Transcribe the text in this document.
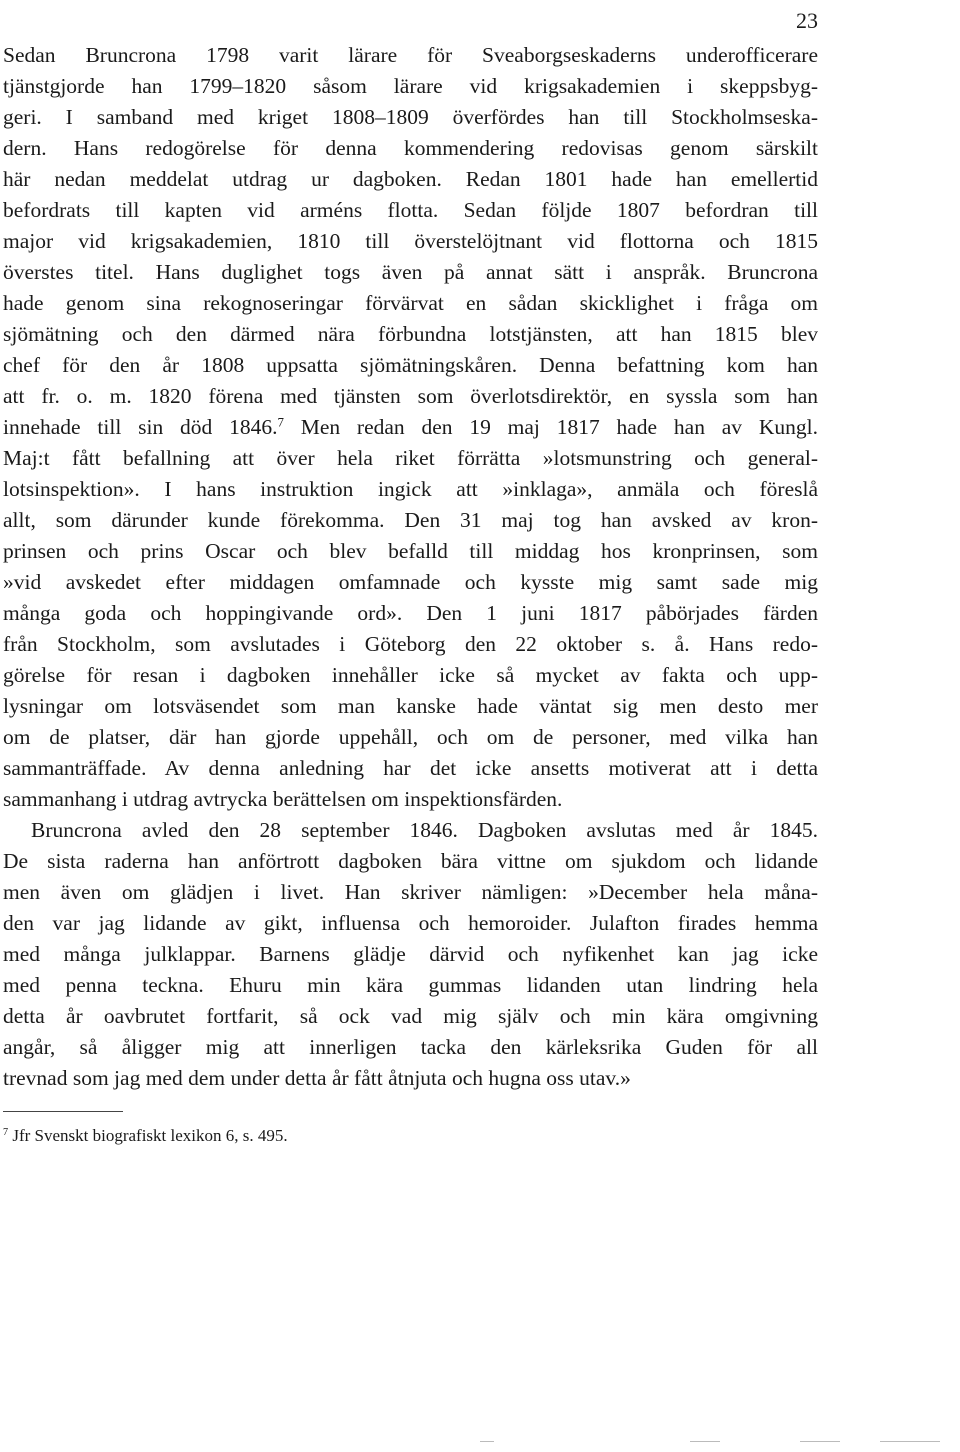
23
Sedan Bruncrona 1798 varit lärare för Sveaborgseskaderns underofficerare
tjänstgjorde han 1799–1820 såsom lärare vid krigsakademien i skeppsbyg-
geri. I samband med kriget 1808–1809 överfördes han till Stockholmseska-
dern. Hans redogörelse för denna kommendering redovisas genom särskilt
här nedan meddelat utdrag ur dagboken. Redan 1801 hade han emellertid
befordrats till kapten vid arméns flotta. Sedan följde 1807 befordran till
major vid krigsakademien, 1810 till överstelöjtnant vid flottorna och 1815
överstes titel. Hans duglighet togs även på annat sätt i anspråk. Bruncrona
hade genom sina rekognoseringar förvärvat en sådan skicklighet i fråga om
sjömätning och den därmed nära förbundna lotstjänsten, att han 1815 blev
chef för den år 1808 uppsatta sjömätningskåren. Denna befattning kom han
att fr. o. m. 1820 förena med tjänsten som överlotsdirektör, en syssla som han
innehade till sin död 1846.$^7$ Men redan den 19 maj 1817 hade han av Kungl.
Maj:t fått befallning att över hela riket förrätta »lotsmunstring och general-
lotsinspektion». I hans instruktion ingick att »inklaga», anmäla och föreslå
allt, som därunder kunde förekomma. Den 31 maj tog han avsked av kron-
prinsen och prins Oscar och blev befalld till middag hos kronprinsen, som
»vid avskedet efter middagen omfamnade och kysste mig samt sade mig
många goda och hoppingivande ord». Den 1 juni 1817 påbörjades färden
från Stockholm, som avslutades i Göteborg den 22 oktober s. å. Hans redo-
görelse för resan i dagboken innehåller icke så mycket av fakta och upp-
lysningar om lotsväsendet som man kanske hade väntat sig men desto mer
om de platser, där han gjorde uppehåll, och om de personer, med vilka han
sammanträffade. Av denna anledning har det icke ansetts motiverat att i detta
sammanhang i utdrag avtrycka berättelsen om inspektionsfärden.
Bruncrona avled den 28 september 1846. Dagboken avslutas med år 1845.
De sista raderna han anförtrott dagboken bära vittne om sjukdom och lidande
men även om glädjen i livet. Han skriver nämligen: »December hela måna-
den var jag lidande av gikt, influensa och hemoroider. Julafton firades hemma
med många julklappar. Barnens glädje därvid och nyfikenhet kan jag icke
med penna teckna. Ehuru min kära gummas lidanden utan lindring hela
detta år oavbrutet fortfarit, så ock vad mig själv och min kära omgivning
angår, så åligger mig att innerligen tacka den kärleksrika Guden för all
trevnad som jag med dem under detta år fått åtnjuta och hugna oss utav.»
$^7$ Jfr Svenskt biografiskt lexikon 6, s. 495.
